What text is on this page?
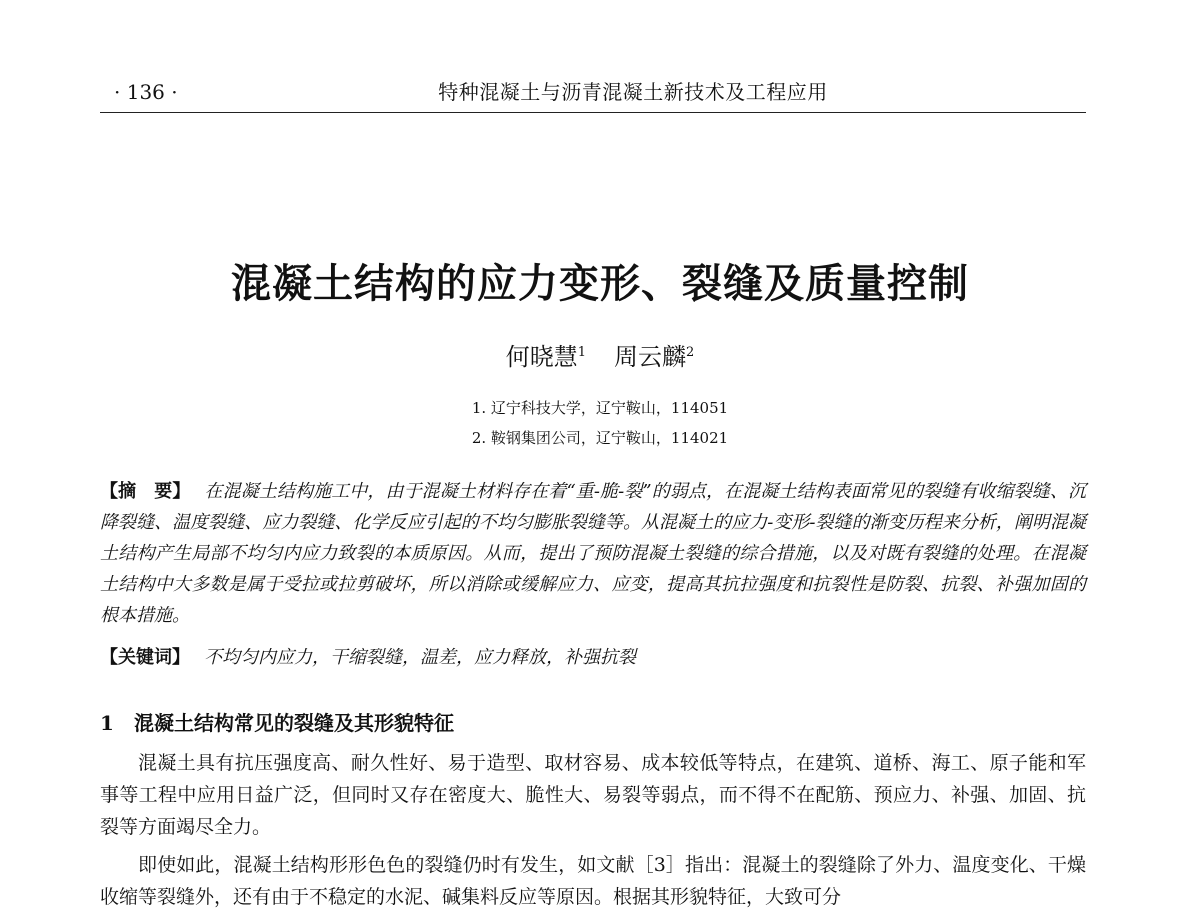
· 136 ·	特种混凝土与沥青混凝土新技术及工程应用
混凝土结构的应力变形、裂缝及质量控制
何晓慧$^1$ 周云麟$^2$
1. 辽宁科技大学，辽宁鞍山，114051
2. 鞍钢集团公司，辽宁鞍山，114021
【摘　要】 在混凝土结构施工中，由于混凝土材料存在着“重-脆-裂”的弱点，在混凝土结构表面常见的裂缝有收缩裂缝、沉降裂缝、温度裂缝、应力裂缝、化学反应引起的不均匀膨胀裂缝等。从混凝土的应力-变形-裂缝的渐变历程来分析，阐明混凝土结构产生局部不均匀内应力致裂的本质原因。从而，提出了预防混凝土裂缝的综合措施，以及对既有裂缝的处理。在混凝土结构中大多数是属于受拉或拉剪破坏，所以消除或缓解应力、应变，提高其抗拉强度和抗裂性是防裂、抗裂、补强加固的根本措施。
【关键词】 不均匀内应力，干缩裂缝，温差，应力释放，补强抗裂
1 混凝土结构常见的裂缝及其形貌特征

混凝土具有抗压强度高、耐久性好、易于造型、取材容易、成本较低等特点，在建筑、道桥、海工、原子能和军事等工程中应用日益广泛，但同时又存在密度大、脆性大、易裂等弱点，而不得不在配筋、预应力、补强、加固、抗裂等方面竭尽全力。

即使如此，混凝土结构形形色色的裂缝仍时有发生，如文献［3］指出：混凝土的裂缝除了外力、温度变化、干燥收缩等裂缝外，还有由于不稳定的水泥、碱集料反应等原因。根据其形貌特征，大致可分
